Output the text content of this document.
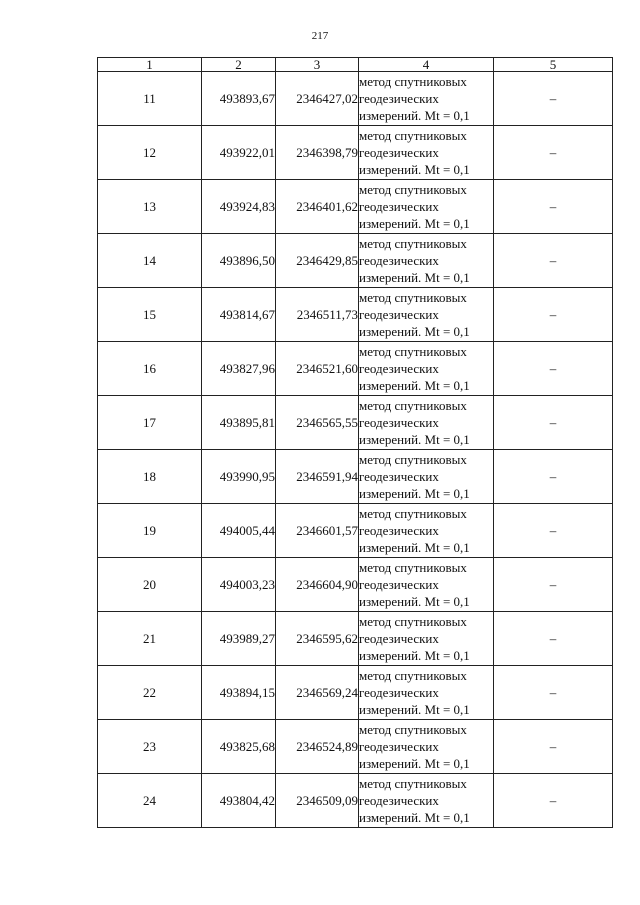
217
1	2	3	4	5
11	493893,67	2346427,02	метод спутниковых
геодезических
измерений. Mt = 0,1	–
12	493922,01	2346398,79	метод спутниковых
геодезических
измерений. Mt = 0,1	–
13	493924,83	2346401,62	метод спутниковых
геодезических
измерений. Mt = 0,1	–
14	493896,50	2346429,85	метод спутниковых
геодезических
измерений. Mt = 0,1	–
15	493814,67	2346511,73	метод спутниковых
геодезических
измерений. Mt = 0,1	–
16	493827,96	2346521,60	метод спутниковых
геодезических
измерений. Mt = 0,1	–
17	493895,81	2346565,55	метод спутниковых
геодезических
измерений. Mt = 0,1	–
18	493990,95	2346591,94	метод спутниковых
геодезических
измерений. Mt = 0,1	–
19	494005,44	2346601,57	метод спутниковых
геодезических
измерений. Mt = 0,1	–
20	494003,23	2346604,90	метод спутниковых
геодезических
измерений. Mt = 0,1	–
21	493989,27	2346595,62	метод спутниковых
геодезических
измерений. Mt = 0,1	–
22	493894,15	2346569,24	метод спутниковых
геодезических
измерений. Mt = 0,1	–
23	493825,68	2346524,89	метод спутниковых
геодезических
измерений. Mt = 0,1	–
24	493804,42	2346509,09	метод спутниковых
геодезических
измерений. Mt = 0,1	–
